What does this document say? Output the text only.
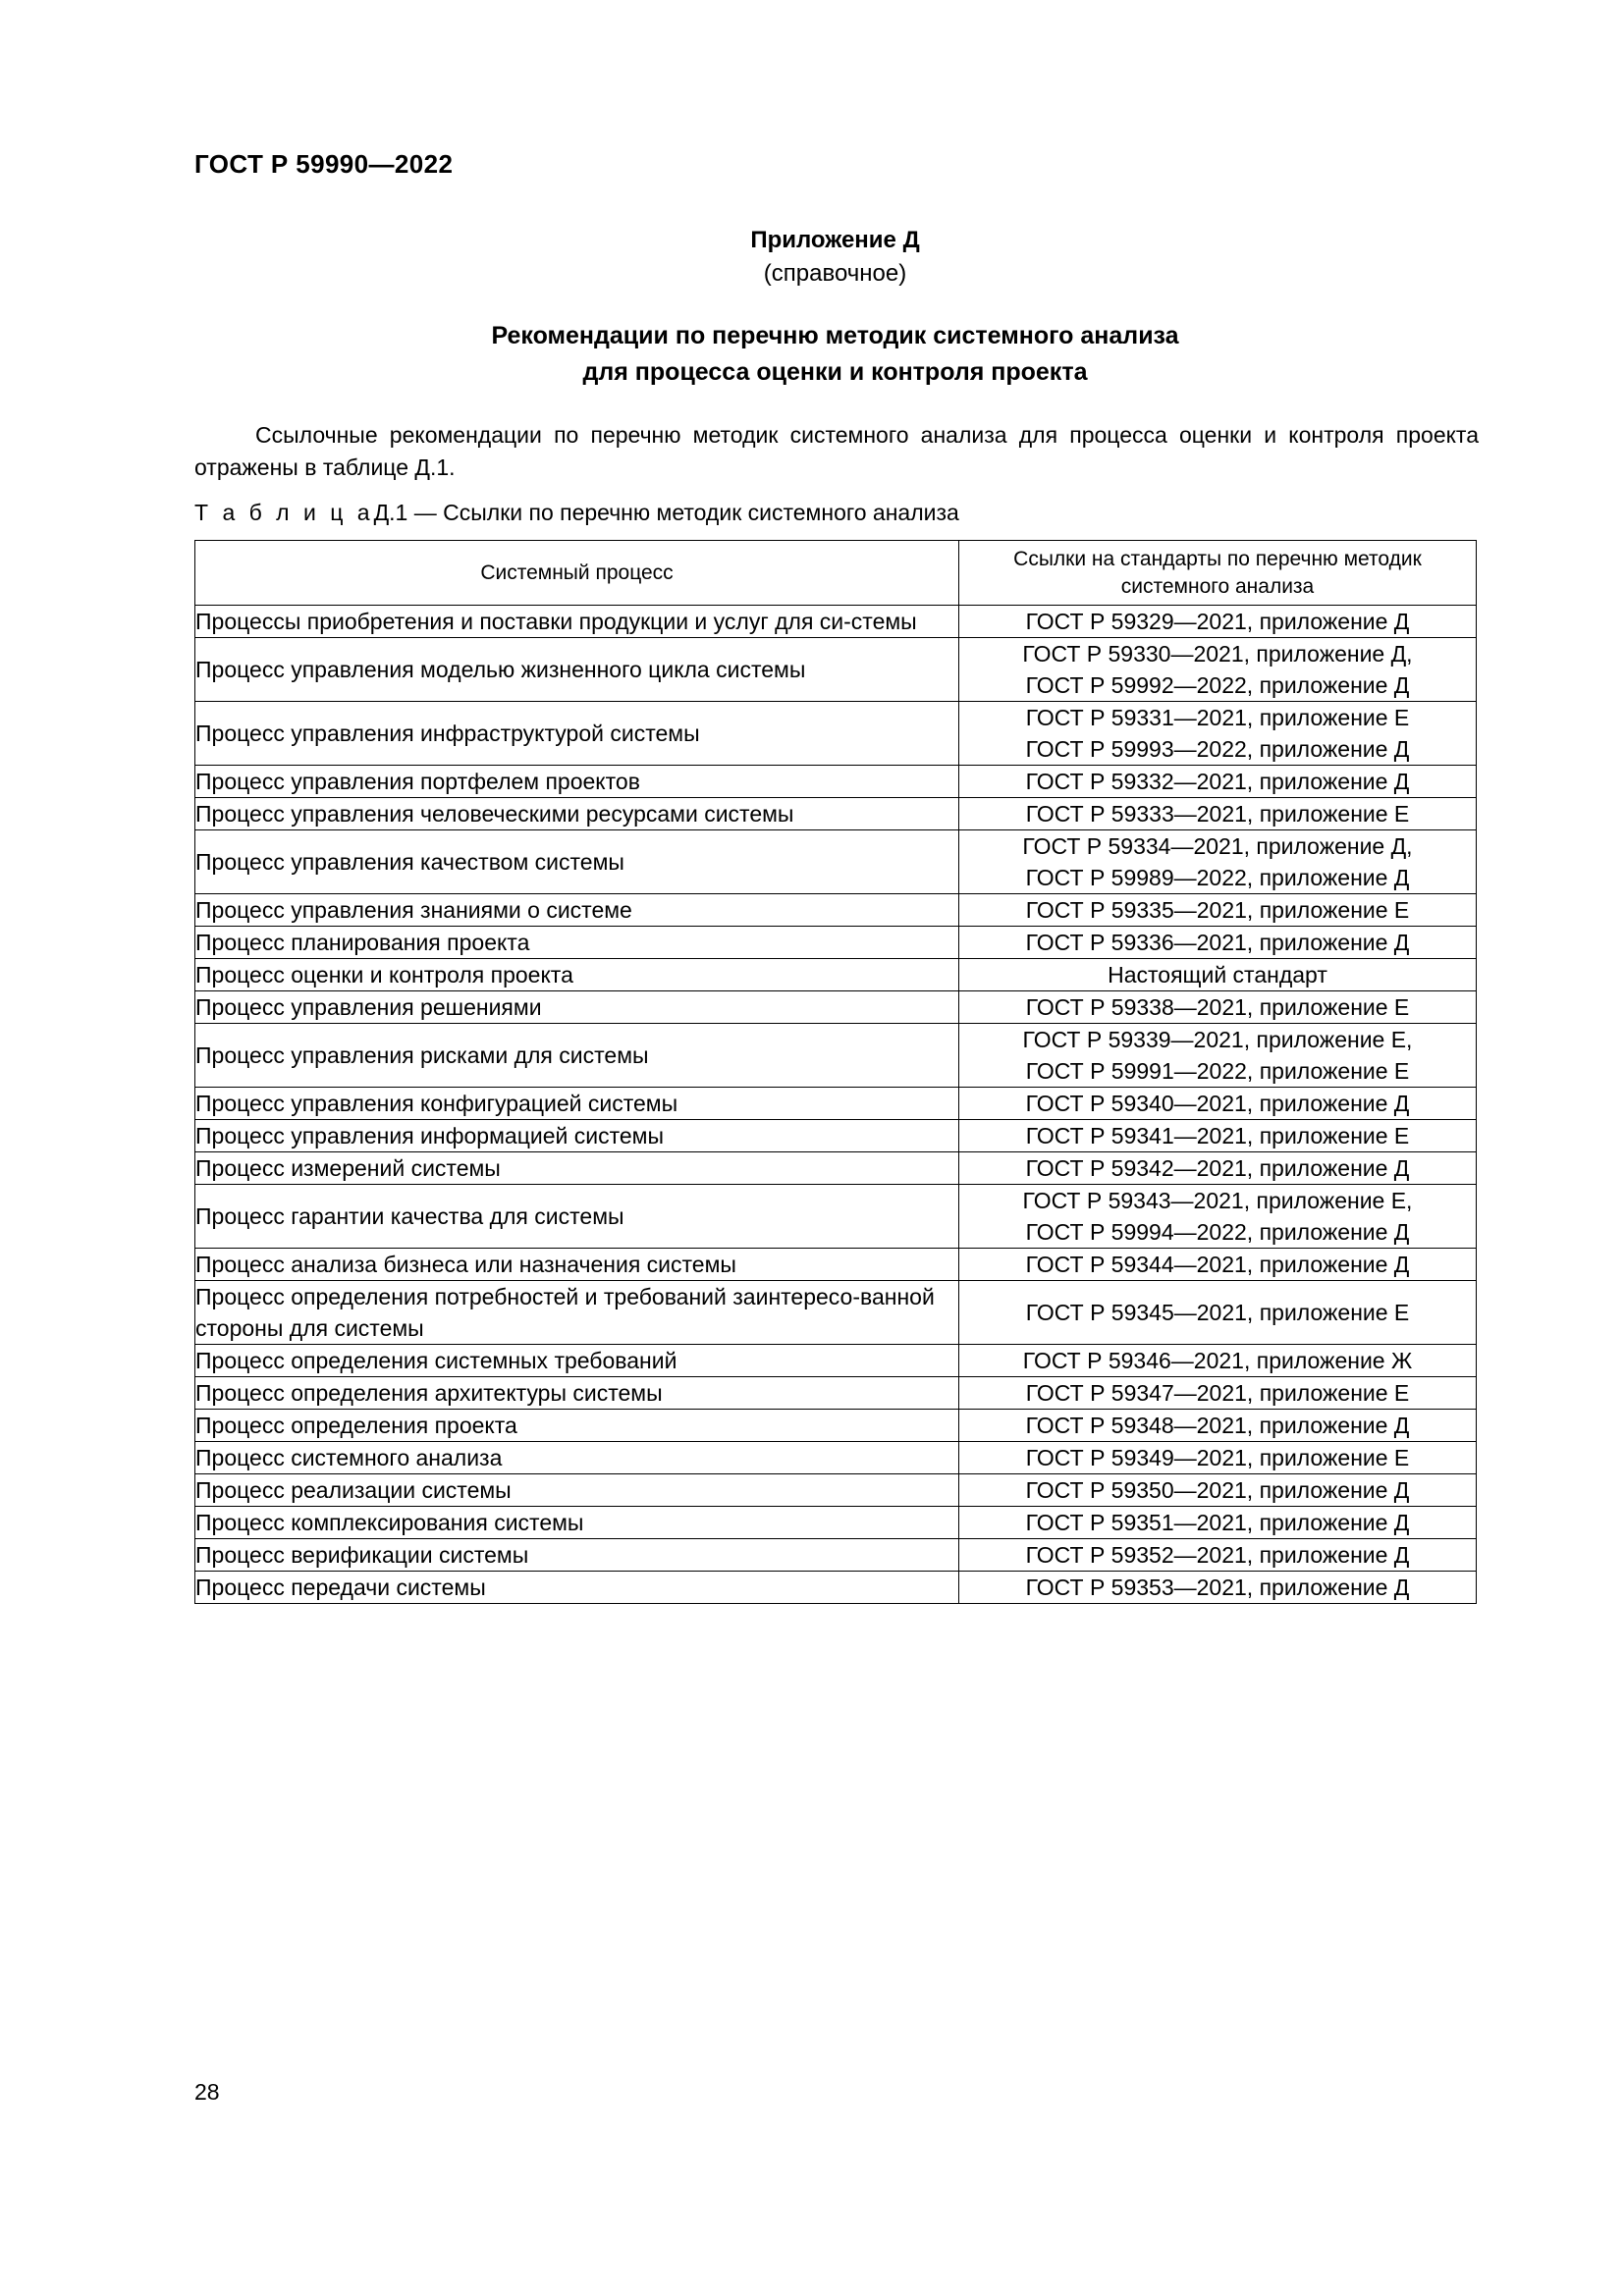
ГОСТ Р 59990—2022
Приложение Д
(справочное)
Рекомендации по перечню методик системного анализа
для процесса оценки и контроля проекта
Ссылочные рекомендации по перечню методик системного анализа для процесса оценки и контроля проекта отражены в таблице Д.1.
Т а б л и ц аД.1 — Ссылки по перечню методик системного анализа
Системный процесс	Ссылки на стандарты по перечню методик системного анализа
Процессы приобретения и поставки продукции и услуг для си-стемы	ГОСТ Р 59329—2021, приложение Д
Процесс управления моделью жизненного цикла системы	ГОСТ Р 59330—2021, приложение Д,
ГОСТ Р 59992—2022, приложение Д
Процесс управления инфраструктурой системы	ГОСТ Р 59331—2021, приложение Е
ГОСТ Р 59993—2022, приложение Д
Процесс управления портфелем проектов	ГОСТ Р 59332—2021, приложение Д
Процесс управления человеческими ресурсами системы	ГОСТ Р 59333—2021, приложение Е
Процесс управления качеством системы	ГОСТ Р 59334—2021, приложение Д,
ГОСТ Р 59989—2022, приложение Д
Процесс управления знаниями о системе	ГОСТ Р 59335—2021, приложение Е
Процесс планирования проекта	ГОСТ Р 59336—2021, приложение Д
Процесс оценки и контроля проекта	Настоящий стандарт
Процесс управления решениями	ГОСТ Р 59338—2021, приложение Е
Процесс управления рисками для системы	ГОСТ Р 59339—2021, приложение Е,
ГОСТ Р 59991—2022, приложение Е
Процесс управления конфигурацией системы	ГОСТ Р 59340—2021, приложение Д
Процесс управления информацией системы	ГОСТ Р 59341—2021, приложение Е
Процесс измерений системы	ГОСТ Р 59342—2021, приложение Д
Процесс гарантии качества для системы	ГОСТ Р 59343—2021, приложение Е,
ГОСТ Р 59994—2022, приложение Д
Процесс анализа бизнеса или назначения системы	ГОСТ Р 59344—2021, приложение Д
Процесс определения потребностей и требований заинтересо-ванной стороны для системы	ГОСТ Р 59345—2021, приложение Е
Процесс определения системных требований	ГОСТ Р 59346—2021, приложение Ж
Процесс определения архитектуры системы	ГОСТ Р 59347—2021, приложение Е
Процесс определения проекта	ГОСТ Р 59348—2021, приложение Д
Процесс системного анализа	ГОСТ Р 59349—2021, приложение Е
Процесс реализации системы	ГОСТ Р 59350—2021, приложение Д
Процесс комплексирования системы	ГОСТ Р 59351—2021, приложение Д
Процесс верификации системы	ГОСТ Р 59352—2021, приложение Д
Процесс передачи системы	ГОСТ Р 59353—2021, приложение Д
28
